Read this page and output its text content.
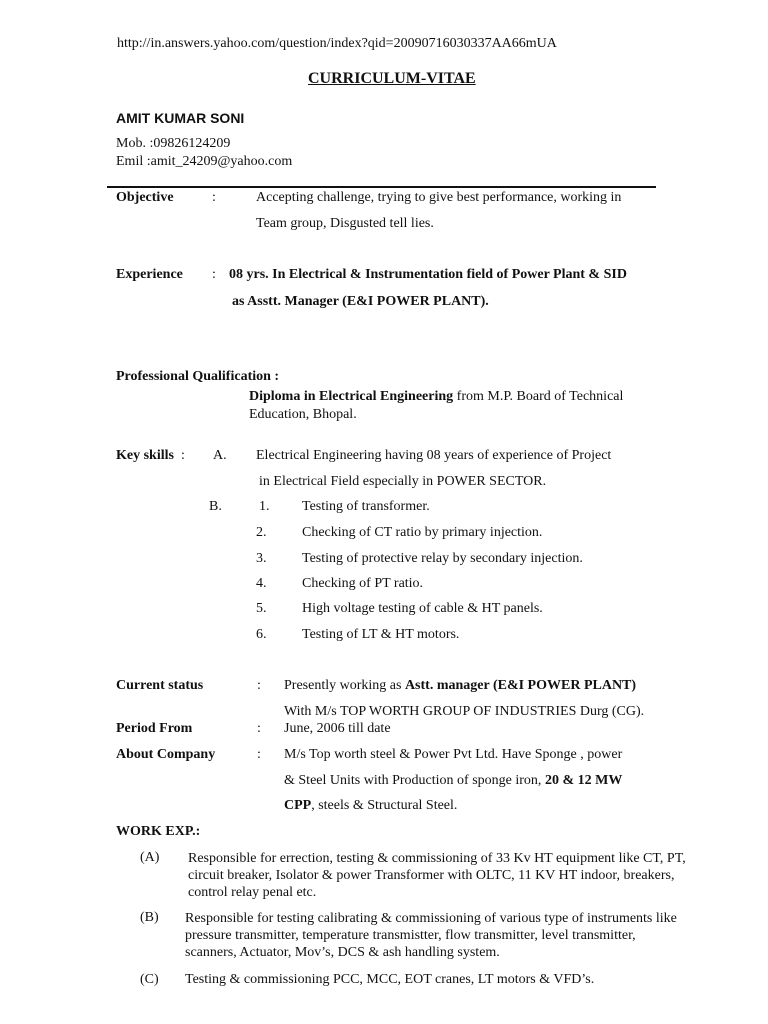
http://in.answers.yahoo.com/question/index?qid=20090716030337AA66mUA
CURRICULUM-VITAE
AMIT KUMAR SONI
Mob. :09826124209
Emil :amit_24209@yahoo.com
Objective	:	Accepting challenge, trying to give best performance, working in
Team group, Disgusted tell lies.
Experience : 08 yrs. In Electrical & Instrumentation field of Power Plant & SID
as Asstt. Manager (E&I POWER PLANT).
Professional Qualification :
Diploma in Electrical Engineering from M.P. Board of Technical
Education, Bhopal.
Key skills : A. Electrical Engineering having 08 years of experience of Project
in Electrical Field especially in POWER SECTOR.
B.	1. Testing of transformer.
2.	Checking of CT ratio by primary injection.
3.	Testing of protective relay by secondary injection.
4.	Checking of PT ratio.
5.	High voltage testing of cable & HT panels.
6.	Testing of LT & HT motors.
Current status	: Presently working as Astt. manager (E&I POWER PLANT)
With M/s TOP WORTH GROUP OF INDUSTRIES Durg (CG).
Period From	: June, 2006 till date
About Company	: M/s Top worth steel & Power Pvt Ltd. Have Sponge , power
& Steel Units with Production of sponge iron, 20 & 12 MW
CPP, steels & Structural Steel.
WORK EXP.:
(A) Responsible for errection, testing & commissioning of 33 Kv HT equipment like CT, PT, circuit breaker, Isolator & power Transformer with OLTC, 11 KV HT indoor, breakers, control relay penal etc.
(B) Responsible for testing calibrating & commissioning of various type of instruments like pressure transmitter, temperature transmistter, flow transmitter, level transmitter, scanners, Actuator, Mov’s, DCS & ash handling system.
(C) Testing & commissioning PCC, MCC, EOT cranes, LT motors & VFD’s.
